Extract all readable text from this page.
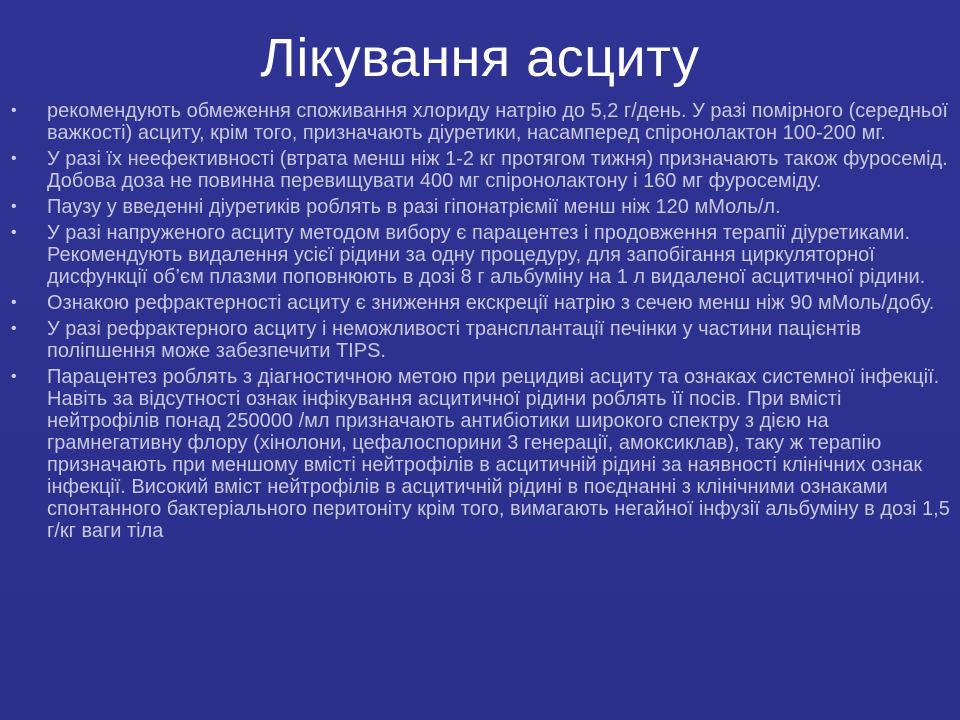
Лікування асциту
• рекомендують обмеження споживання хлориду натрію до 5,2 г/день. У разі помірного (середньої важкості) асциту, крім того, призначають діуретики, насамперед спіронолактон 100-200 мг.
• У разі їх неефективності (втрата менш ніж 1-2 кг протягом тижня) призначають також фуросемід. Добова доза не повинна перевищувати 400 мг спіронолактону і 160 мг фуросеміду.
• Паузу у введенні діуретиків роблять в разі гіпонатріємії менш ніж 120 мМоль/л.
• У разі напруженого асциту методом вибору є парацентез і продовження терапії діуретиками. Рекомендують видалення усієї рідини за одну процедуру, для запобігання циркуляторної дисфункції об’єм плазми поповнюють в дозі 8 г альбуміну на 1 л видаленої асцитичної рідини.
• Ознакою рефрактерності асциту є зниження екскреції натрію з сечею менш ніж 90 мМоль/добу.
• У разі рефрактерного асциту і неможливості трансплантації печінки у частини пацієнтів поліпшення може забезпечити TIPS.
• Парацентез роблять з діагностичною метою при рецидиві асциту та ознаках системної інфекції. Навіть за відсутності ознак інфікування асцитичної рідини роблять її посів. При вмісті нейтрофілів понад 250000 /мл призначають антибіотики широкого спектру з дією на грамнегативну флору (хінолони, цефалоспорини 3 генерації, амоксиклав), таку ж терапію призначають при меншому вмісті нейтрофілів в асцитичній рідині за наявності клінічних ознак інфекції. Високий вміст нейтрофілів в асцитичній рідині в поєднанні з клінічними ознаками спонтанного бактеріального перитоніту крім того, вимагають негайної інфузії альбуміну в дозі 1,5 г/кг ваги тіла
